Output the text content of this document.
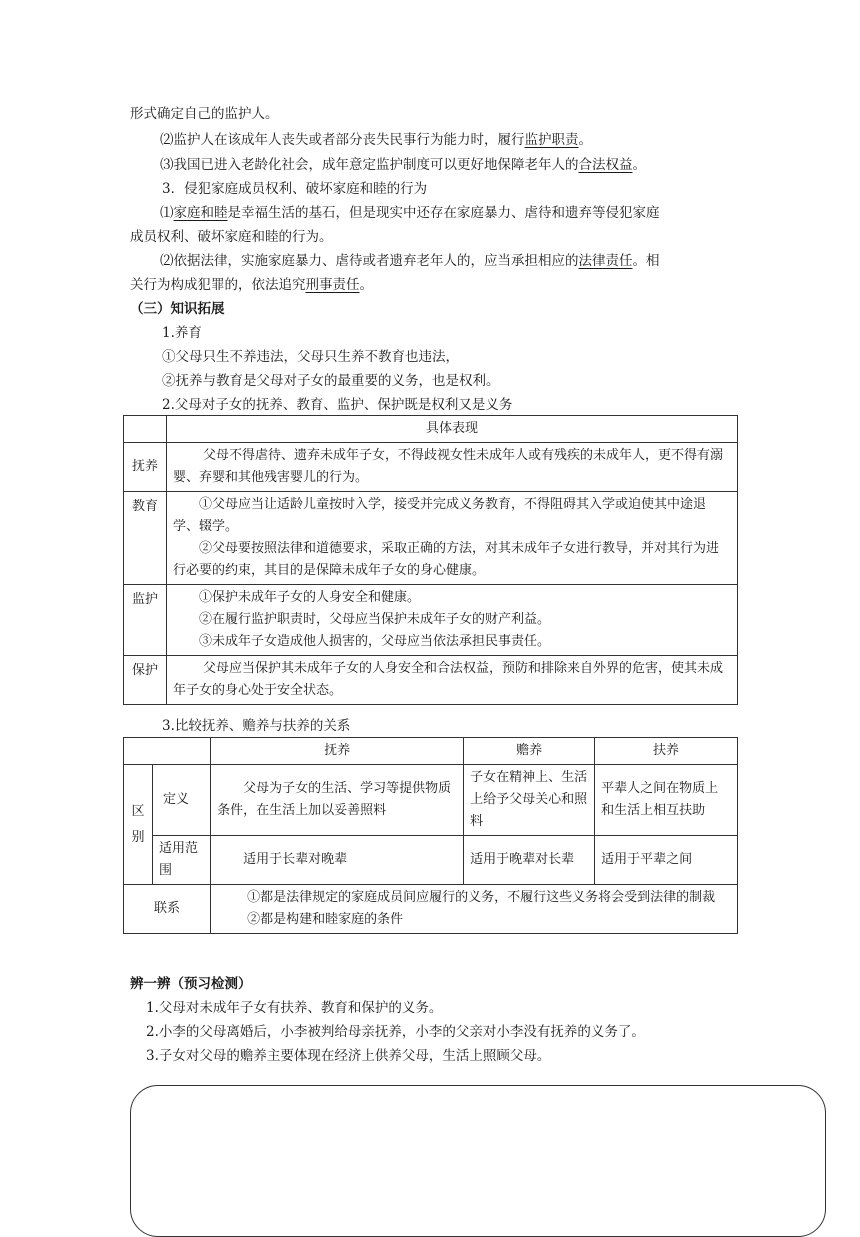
形式确定自己的监护人。
⑵监护人在该成年人丧失或者部分丧失民事行为能力时，履行监护职责。
⑶我国已进入老龄化社会，成年意定监护制度可以更好地保障老年人的合法权益。
3．侵犯家庭成员权利、破坏家庭和睦的行为
⑴家庭和睦是幸福生活的基石，但是现实中还存在家庭暴力、虐待和遗弃等侵犯家庭
成员权利、破坏家庭和睦的行为。
⑵依据法律，实施家庭暴力、虐待或者遗弃老年人的，应当承担相应的法律责任。相
关行为构成犯罪的，依法追究刑事责任。
（三）知识拓展
1.养育
①父母只生不养违法，父母只生养不教育也违法，
②抚养与教育是父母对子女的最重要的义务，也是权利。
2.父母对子女的抚养、教育、监护、保护既是权利又是义务
	具体表现
抚养	父母不得虐待、遗弃未成年子女，不得歧视女性未成年人或有残疾的未成年人，更不得有溺婴、弃婴和其他残害婴儿的行为。

教育	①父母应当让适龄儿童按时入学，接受并完成义务教育，不得阻碍其入学或迫使其中途退学、辍学。

②父母要按照法律和道德要求，采取正确的方法，对其未成年子女进行教导，并对其行为进行必要的约束，其目的是保障未成年子女的身心健康。

监护	①保护未成年子女的人身安全和健康。

②在履行监护职责时，父母应当保护未成年子女的财产利益。

③未成年子女造成他人损害的，父母应当依法承担民事责任。

保护	父母应当保护其未成年子女的人身安全和合法权益，预防和排除来自外界的危害，使其未成年子女的身心处于安全状态。

3.比较抚养、赡养与扶养的关系
		抚养	赡养	扶养
区别	定义	父母为子女的生活、学习等提供物质条件，在生活上加以妥善照料	子女在精神上、生活上给予父母关心和照料	平辈人之间在物质上和生活上相互扶助
	适用范围	适用于长辈对晚辈	适用于晚辈对长辈	适用于平辈之间
联系		①都是法律规定的家庭成员间应履行的义务，不履行这些义务将会受到法律的制裁
②都是构建和睦家庭的条件		
辨一辨（预习检测）
1.父母对未成年子女有扶养、教育和保护的义务。
2.小李的父母离婚后，小李被判给母亲抚养，小李的父亲对小李没有抚养的义务了。
3.子女对父母的赡养主要体现在经济上供养父母，生活上照顾父母。
